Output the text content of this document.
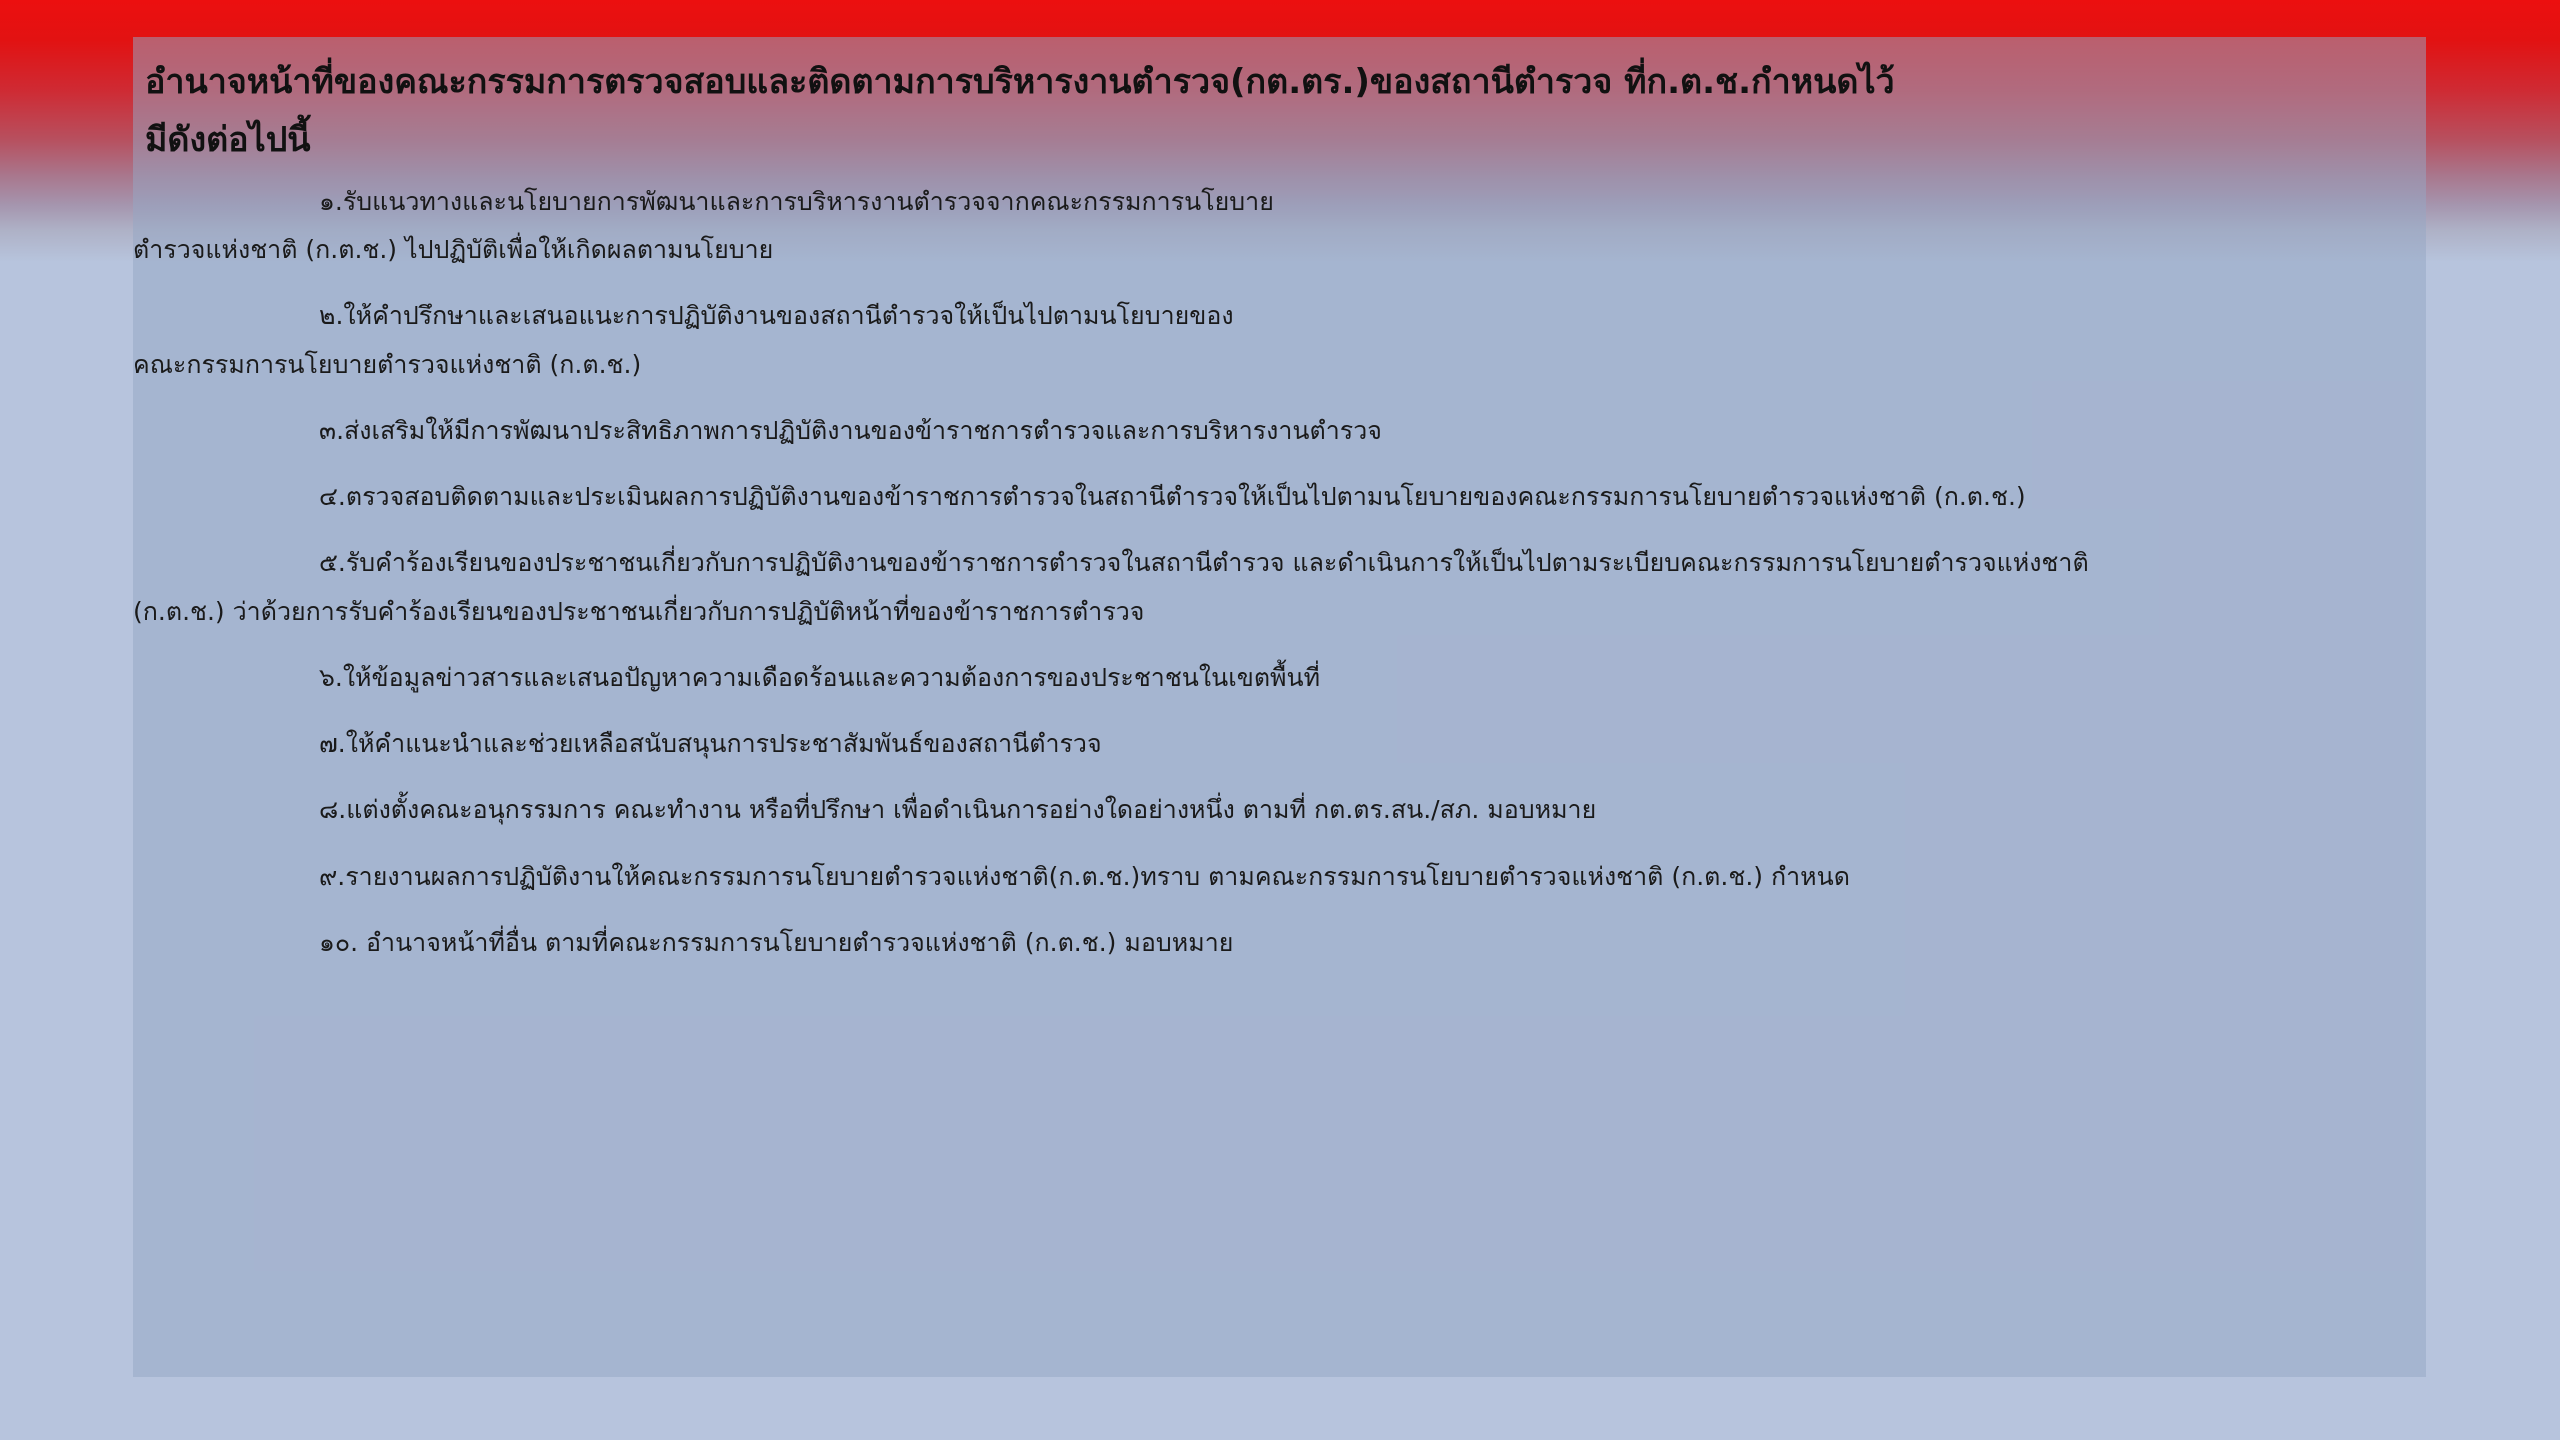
อำนาจหน้าที่ของคณะกรรมการตรวจสอบและติดตามการบริหารงานตำรวจ(กต.ตร.)ของสถานีตำรวจ ที่ก.ต.ช.กำหนดไว้
มีดังต่อไปนี้

๑.รับแนวทางและนโยบายการพัฒนาและการบริหารงานตำรวจจากคณะกรรมการนโยบาย

ตำรวจแห่งชาติ (ก.ต.ช.) ไปปฏิบัติเพื่อให้เกิดผลตามนโยบาย

๒.ให้คำปรึกษาและเสนอแนะการปฏิบัติงานของสถานีตำรวจให้เป็นไปตามนโยบายของ

คณะกรรมการนโยบายตำรวจแห่งชาติ (ก.ต.ช.)

๓.ส่งเสริมให้มีการพัฒนาประสิทธิภาพการปฏิบัติงานของข้าราชการตำรวจและการบริหารงานตำรวจ

๔.ตรวจสอบติดตามและประเมินผลการปฏิบัติงานของข้าราชการตำรวจในสถานีตำรวจให้เป็นไปตามนโยบายของคณะกรรมการนโยบายตำรวจแห่งชาติ (ก.ต.ช.)

๕.รับคำร้องเรียนของประชาชนเกี่ยวกับการปฏิบัติงานของข้าราชการตำรวจในสถานีตำรวจ และดำเนินการให้เป็นไปตามระเบียบคณะกรรมการนโยบายตำรวจแห่งชาติ

(ก.ต.ช.) ว่าด้วยการรับคำร้องเรียนของประชาชนเกี่ยวกับการปฏิบัติหน้าที่ของข้าราชการตำรวจ

๖.ให้ข้อมูลข่าวสารและเสนอปัญหาความเดือดร้อนและความต้องการของประชาชนในเขตพื้นที่

๗.ให้คำแนะนำและช่วยเหลือสนับสนุนการประชาสัมพันธ์ของสถานีตำรวจ

๘.แต่งตั้งคณะอนุกรรมการ คณะทำงาน หรือที่ปรึกษา เพื่อดำเนินการอย่างใดอย่างหนึ่ง ตามที่ กต.ตร.สน./สภ. มอบหมาย

๙.รายงานผลการปฏิบัติงานให้คณะกรรมการนโยบายตำรวจแห่งชาติ(ก.ต.ช.)ทราบ ตามคณะกรรมการนโยบายตำรวจแห่งชาติ (ก.ต.ช.) กำหนด

๑๐. อำนาจหน้าที่อื่น ตามที่คณะกรรมการนโยบายตำรวจแห่งชาติ (ก.ต.ช.) มอบหมาย
